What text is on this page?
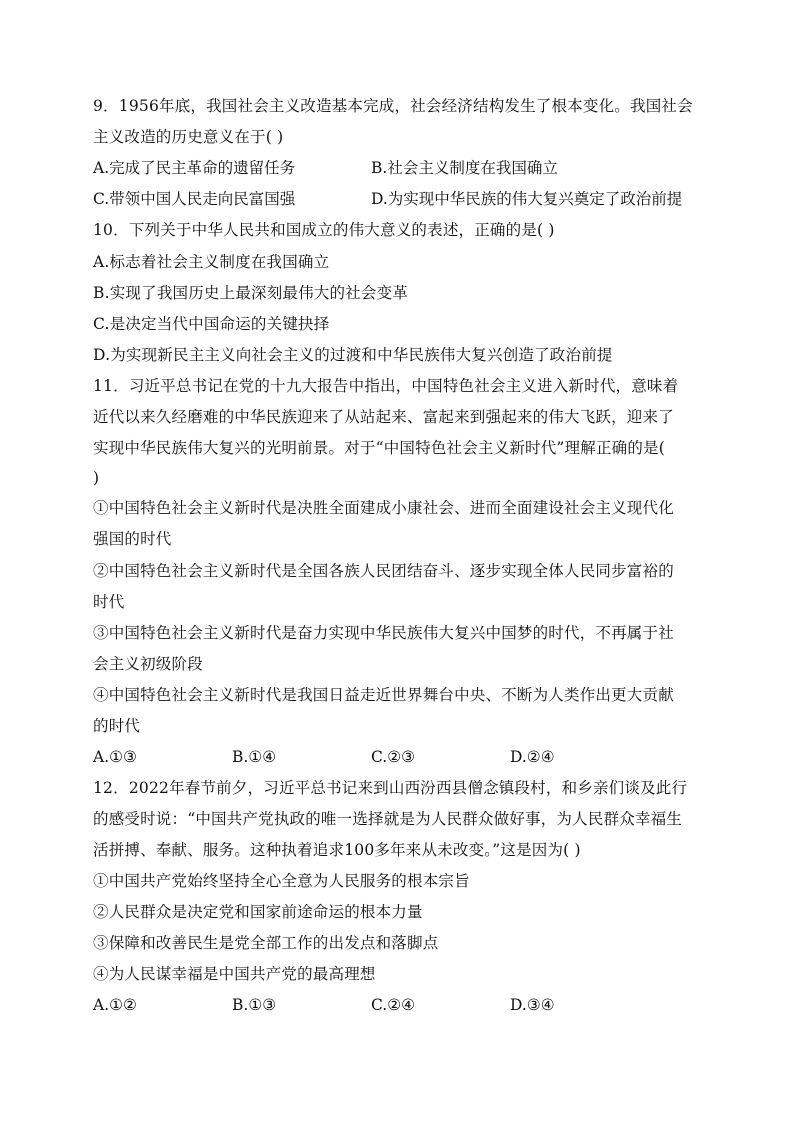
9．1956年底，我国社会主义改造基本完成，社会经济结构发生了根本变化。我国社会
主义改造的历史意义在于( )
A.完成了民主革命的遗留任务	B.社会主义制度在我国确立
C.带领中国人民走向民富国强	D.为实现中华民族的伟大复兴奠定了政治前提
10．下列关于中华人民共和国成立的伟大意义的表述，正确的是( )
A.标志着社会主义制度在我国确立
B.实现了我国历史上最深刻最伟大的社会变革
C.是决定当代中国命运的关键抉择
D.为实现新民主主义向社会主义的过渡和中华民族伟大复兴创造了政治前提
11．习近平总书记在党的十九大报告中指出，中国特色社会主义进入新时代，意味着
近代以来久经磨难的中华民族迎来了从站起来、富起来到强起来的伟大飞跃，迎来了
实现中华民族伟大复兴的光明前景。对于“中国特色社会主义新时代”理解正确的是(
)
①中国特色社会主义新时代是决胜全面建成小康社会、进而全面建设社会主义现代化
强国的时代
②中国特色社会主义新时代是全国各族人民团结奋斗、逐步实现全体人民同步富裕的
时代
③中国特色社会主义新时代是奋力实现中华民族伟大复兴中国梦的时代，不再属于社
会主义初级阶段
④中国特色社会主义新时代是我国日益走近世界舞台中央、不断为人类作出更大贡献
的时代
A.①③	B.①④	C.②③	D.②④
12．2022年春节前夕，习近平总书记来到山西汾西县僧念镇段村，和乡亲们谈及此行
的感受时说：“中国共产党执政的唯一选择就是为人民群众做好事，为人民群众幸福生
活拼搏、奉献、服务。这种执着追求100多年来从未改变。”这是因为( )
①中国共产党始终坚持全心全意为人民服务的根本宗旨
②人民群众是决定党和国家前途命运的根本力量
③保障和改善民生是党全部工作的出发点和落脚点
④为人民谋幸福是中国共产党的最高理想
A.①②	B.①③	C.②④	D.③④
